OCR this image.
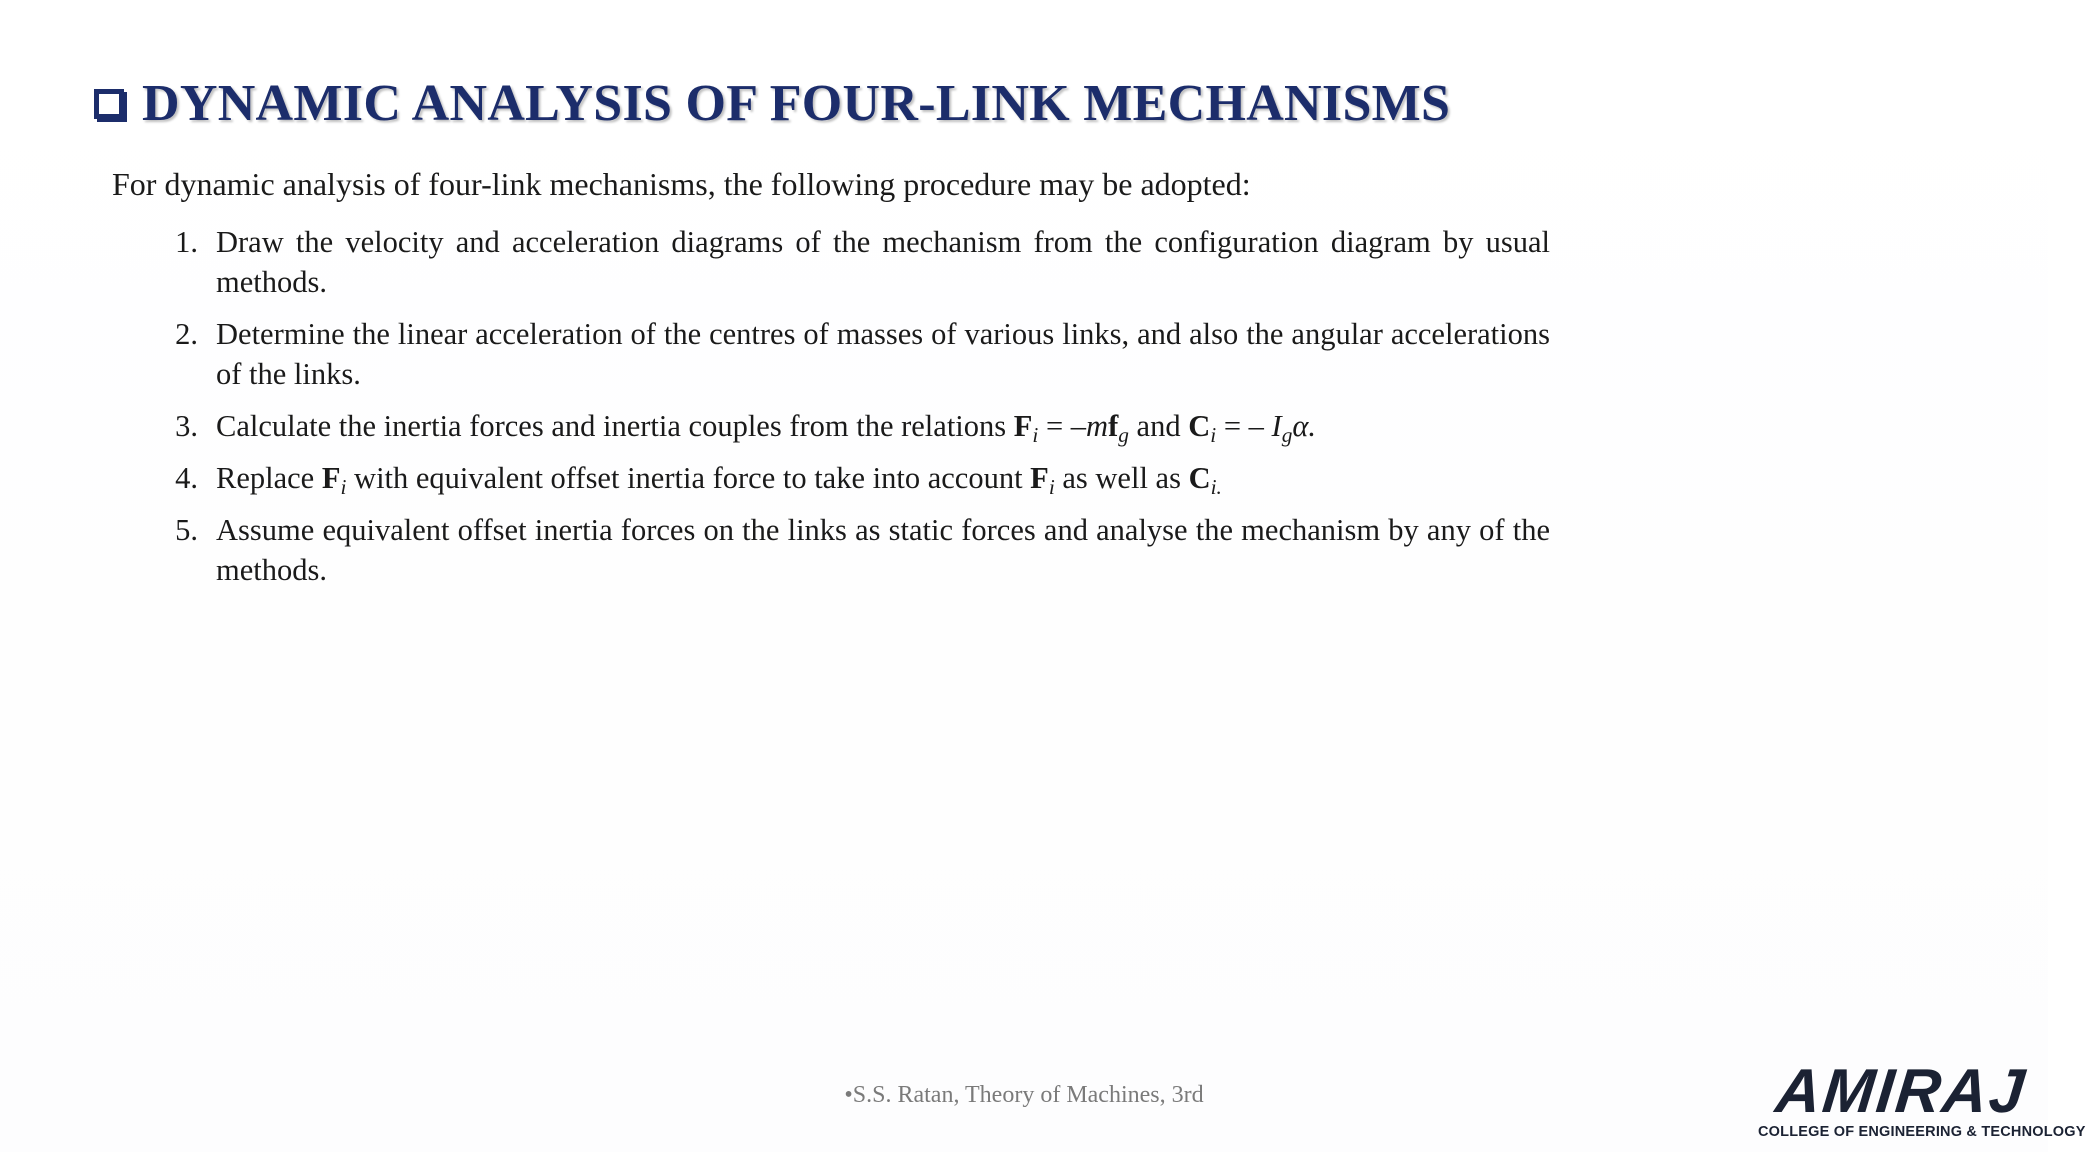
DYNAMIC ANALYSIS OF FOUR-LINK MECHANISMS
For dynamic analysis of four-link mechanisms, the following procedure may be adopted:
1. Draw the velocity and acceleration diagrams of the mechanism from the configuration diagram by usual methods.
2. Determine the linear acceleration of the centres of masses of various links, and also the angular accelerations of the links.
3. Calculate the inertia forces and inertia couples from the relations $F_i = -mf_g$ and $C_i$ = – $I_g\alpha$.
4. Replace $F_i$ with equivalent offset inertia force to take into account $F_i$ as well as $C_{i.}$
5. Assume equivalent offset inertia forces on the links as static forces and analyse the mechanism by any of the methods.
•S.S. Ratan, Theory of Machines, 3rd	AMIRAJ
COLLEGE OF ENGINEERING & TECHNOLOGY
